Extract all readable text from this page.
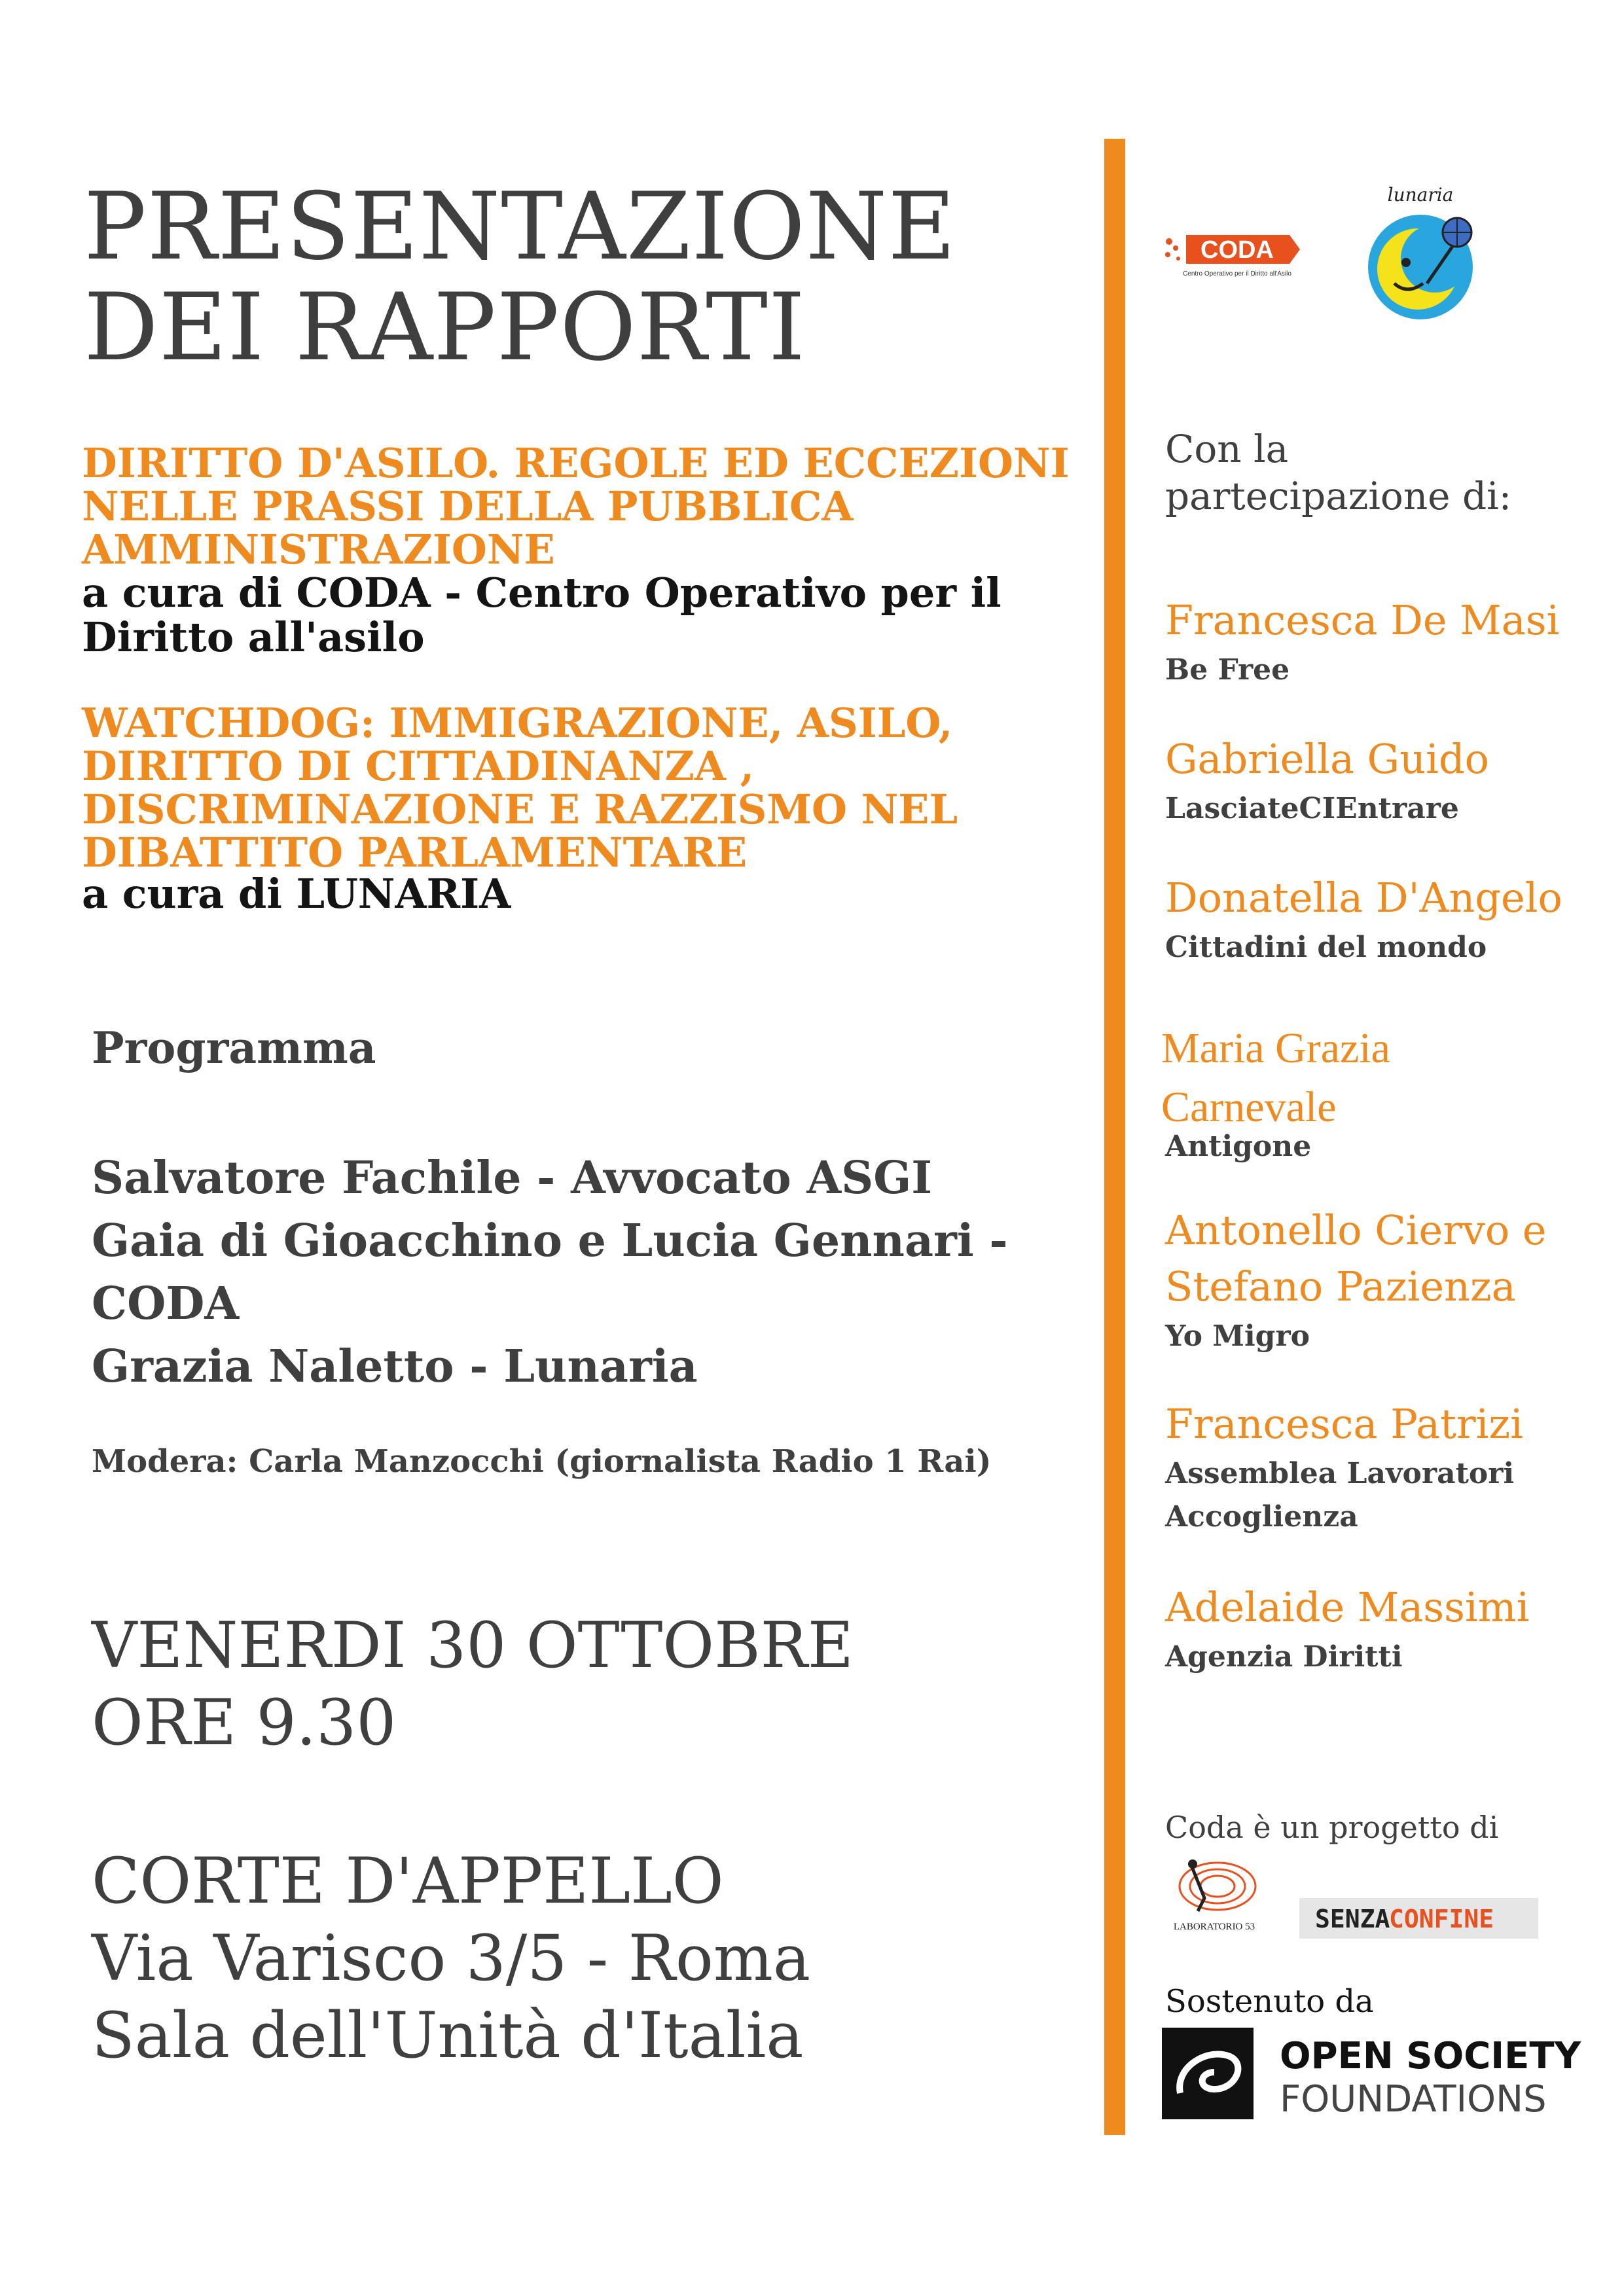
PRESENTAZIONE
DEI RAPPORTI
DIRITTO D'ASILO. REGOLE ED ECCEZIONI
NELLE PRASSI DELLA PUBBLICA
AMMINISTRAZIONE
a cura di CODA - Centro Operativo per il
Diritto all'asilo
WATCHDOG: IMMIGRAZIONE, ASILO,
DIRITTO DI CITTADINANZA ,
DISCRIMINAZIONE E RAZZISMO NEL
DIBATTITO PARLAMENTARE
a cura di LUNARIA
Programma
Salvatore Fachile - Avvocato ASGI
Gaia di Gioacchino e Lucia Gennari -
CODA
Grazia Naletto - Lunaria
Modera: Carla Manzocchi (giornalista Radio 1 Rai)
VENERDI 30 OTTOBRE
ORE 9.30
CORTE D'APPELLO
Via Varisco 3/5 - Roma
Sala dell'Unità d'Italia
CODA
Centro Operativo per il Diritto all'Asilo
lunaria
Con la
partecipazione di:
Francesca De Masi
Be Free
Gabriella Guido
LasciateCIEntrare
Donatella D'Angelo
Cittadini del mondo
Maria Grazia
Carnevale
Antigone
Antonello Ciervo e
Stefano Pazienza
Yo Migro
Francesca Patrizi
Assemblea Lavoratori
Accoglienza
Adelaide Massimi
Agenzia Diritti
Coda è un progetto di
LABORATORIO 53 SENZA
CONFINE
Sostenuto da
OPEN SOCIETY
FOUNDATIONS
